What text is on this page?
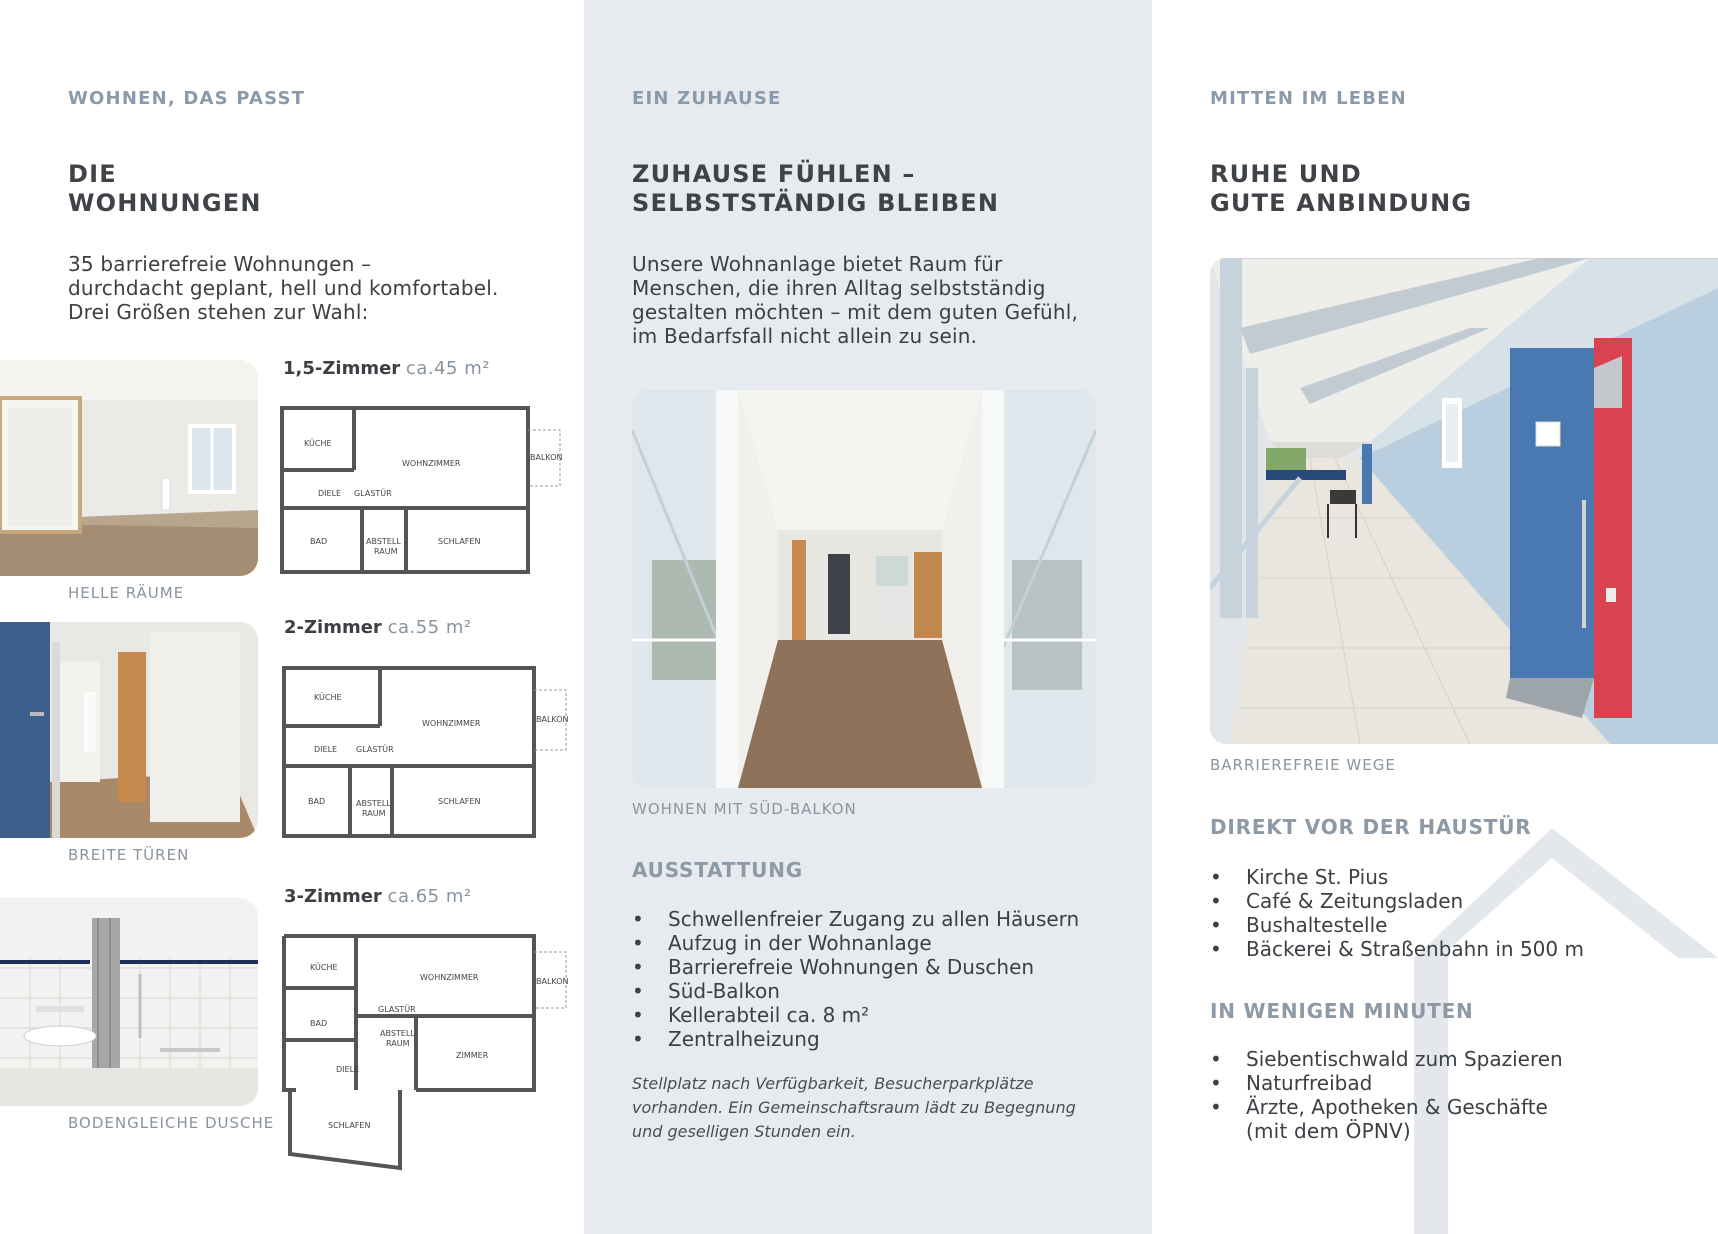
WOHNEN, DAS PASST
DIE
WOHNUNGEN
35 barrierefreie Wohnungen –
durchdacht geplant, hell und komfortabel.
Drei Größen stehen zur Wahl:
HELLE RÄUME
BREITE TÜREN
BODENGLEICHE DUSCHE
1,5-Zimmer ca.45 m²
2-Zimmer ca.55 m²
3-Zimmer ca.65 m²
KÜCHE
WOHNZIMMER
BALKON
DIELE GLASTÜR
BAD	ABSTELL
RAUM
SCHLAFEN
KÜCHE
WOHNZIMMER	BALKON
DIELE GLASTÜR
BAD	ABSTELL
RAUM
SCHLAFEN
KÜCHE
WOHNZIMMER	BALKON
GLASTÜR
BAD
ABSTELL
RAUM
ZIMMER
DIELE
SCHLAFEN
EIN ZUHAUSE
ZUHAUSE FÜHLEN –
SELBSTSTÄNDIG BLEIBEN
Unsere Wohnanlage bietet Raum für
Menschen, die ihren Alltag selbstständig
gestalten möchten – mit dem guten Gefühl,
im Bedarfsfall nicht allein zu sein.
WOHNEN MIT SÜD-BALKON
AUSSTATTUNG
• Schwellenfreier Zugang zu allen Häusern
• Aufzug in der Wohnanlage
• Barrierefreie Wohnungen & Duschen
• Süd-Balkon
• Kellerabteil ca. 8 m²
• Zentralheizung
Stellplatz nach Verfügbarkeit, Besucherparkplätze
vorhanden. Ein Gemeinschaftsraum lädt zu Begegnung
und geselligen Stunden ein.
MITTEN IM LEBEN
RUHE UND
GUTE ANBINDUNG
BARRIEREFREIE WEGE
DIREKT VOR DER HAUSTÜR
• Kirche St. Pius
• Café & Zeitungsladen
• Bushaltestelle
• Bäckerei & Straßenbahn in 500 m
IN WENIGEN MINUTEN
• Siebentischwald zum Spazieren
• Naturfreibad
• Ärzte, Apotheken & Geschäfte
(mit dem ÖPNV)
